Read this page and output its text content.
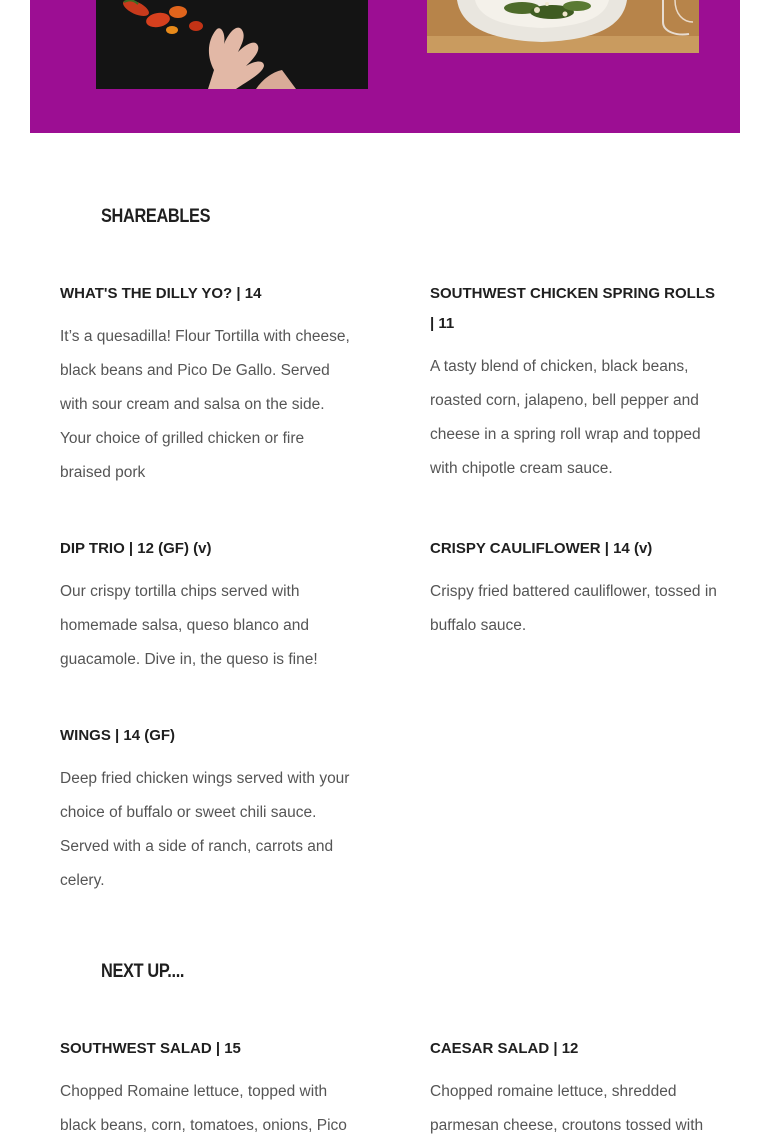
SHAREABLES
WHAT'S THE DILLY YO? | 14

It’s a quesadilla! Flour Tortilla with cheese, black beans and Pico De Gallo. Served with sour cream and salsa on the side. Your choice of grilled chicken or fire braised pork

SOUTHWEST CHICKEN SPRING ROLLS | 11

A tasty blend of chicken, black beans, roasted corn, jalapeno, bell pepper and cheese in a spring roll wrap and topped with chipotle cream sauce.

DIP TRIO | 12 (GF) (v)

Our crispy tortilla chips served with homemade salsa, queso blanco and guacamole. Dive in, the queso is fine!

CRISPY CAULIFLOWER | 14 (v)

Crispy fried battered cauliflower, tossed in buffalo sauce.

WINGS | 14 (GF)

Deep fried chicken wings served with your choice of buffalo or sweet chili sauce. Served with a side of ranch, carrots and celery.

NEXT UP....
SOUTHWEST SALAD | 15

Chopped Romaine lettuce, topped with black beans, corn, tomatoes, onions, Pico

CAESAR SALAD | 12

Chopped romaine lettuce, shredded parmesan cheese, croutons tossed with
